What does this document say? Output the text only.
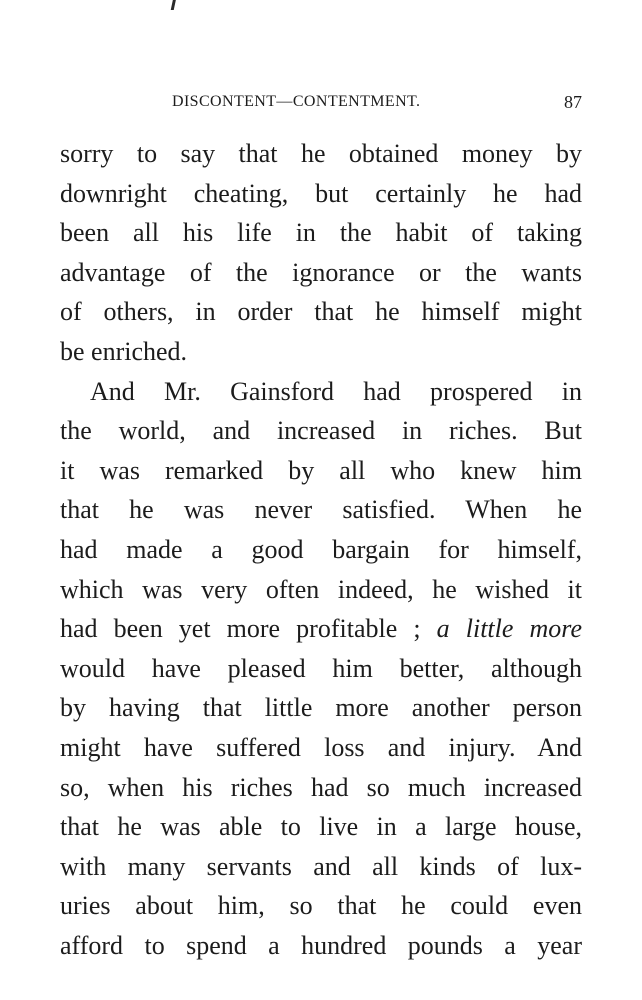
DISCONTENT—CONTENTMENT.	87
sorry to say that he obtained money by
downright cheating, but certainly he had
been all his life in the habit of taking
advantage of the ignorance or the wants
of others, in order that he himself might
be enriched.
And Mr. Gainsford had prospered in
the world, and increased in riches. But
it was remarked by all who knew him
that he was never satisfied. When he
had made a good bargain for himself,
which was very often indeed, he wished it
had been yet more profitable ; a little more
would have pleased him better, although
by having that little more another person
might have suffered loss and injury. And
so, when his riches had so much increased
that he was able to live in a large house,
with many servants and all kinds of lux-
uries about him, so that he could even
afford to spend a hundred pounds a year
